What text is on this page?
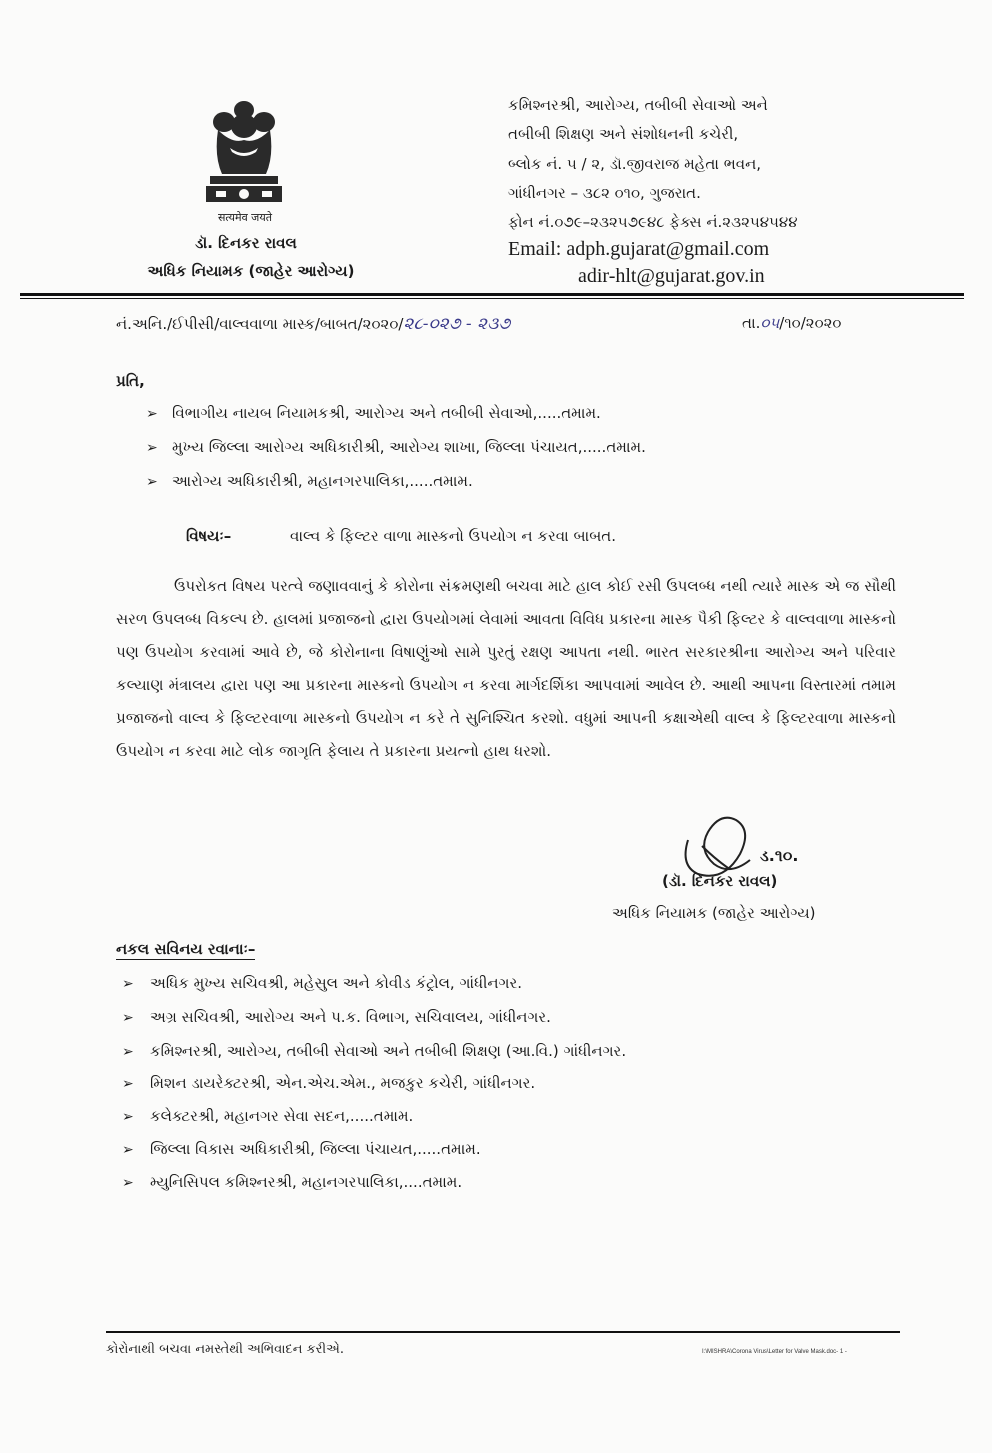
सत्यमेव जयते
ડૉ. દિનકર રાવલ
અધિક નિયામક (જાહેર આરોગ્ય)
કમિશ્નરશ્રી, આરોગ્ય, તબીબી સેવાઓ અને
તબીબી શિક્ષણ અને સંશોધનની કચેરી,
બ્લોક નં. ૫ / ૨, ડૉ.જીવરાજ મહેતા ભવન,
ગાંધીનગર – ૩૮૨ ૦૧૦, ગુજરાત.
ફોન નં.૦૭૯–૨૩૨૫૭૯૪૮ ફેક્સ નં.૨૩૨૫૪૫૪૪
Email: adph.gujarat@gmail.com
adir-hlt@gujarat.gov.in
નં.અનિ./ઈપીસી/વાલ્વવાળા માસ્ક/બાબત/૨૦૨૦/૨૮-૦૨૭ - ૨૩૭	તા.૦૫/૧૦/૨૦૨૦
પ્રતિ,
➢ વિભાગીય નાયબ નિયામકશ્રી, આરોગ્ય અને તબીબી સેવાઓ,.....તમામ.
➢ મુખ્ય જિલ્લા આરોગ્ય અધિકારીશ્રી, આરોગ્ય શાખા, જિલ્લા પંચાયત,.....તમામ.
➢ આરોગ્ય અધિકારીશ્રી, મહાનગરપાલિકા,.....તમામ.
વિષયઃ–	વાલ્વ કે ફિલ્ટર વાળા માસ્કનો ઉપયોગ ન કરવા બાબત.
ઉપરોકત વિષય પરત્વે જણાવવાનું કે કોરોના સંક્રમણથી બચવા માટે હાલ કોઈ રસી ઉપલબ્ધ નથી ત્યારે માસ્ક એ જ સૌથી સરળ ઉપલબ્ધ વિકલ્પ છે. હાલમાં પ્રજાજનો દ્વારા ઉપયોગમાં લેવામાં આવતા વિવિધ પ્રકારના માસ્ક પૈકી ફિલ્ટર કે વાલ્વવાળા માસ્કનો પણ ઉપયોગ કરવામાં આવે છે, જે કોરોનાના વિષાણુંઓ સામે પુરતું રક્ષણ આપતા નથી. ભારત સરકારશ્રીના આરોગ્ય અને પરિવાર કલ્યાણ મંત્રાલય દ્વારા પણ આ પ્રકારના માસ્કનો ઉપયોગ ન કરવા માર્ગદર્શિકા આપવામાં આવેલ છે. આથી આપના વિસ્તારમાં તમામ પ્રજાજનો વાલ્વ કે ફિલ્ટરવાળા માસ્કનો ઉપયોગ ન કરે તે સુનિશ્ચિત કરશો. વધુમાં આપની કક્ષાએથી વાલ્વ કે ફિલ્ટરવાળા માસ્કનો ઉપયોગ ન કરવા માટે લોક જાગૃતિ ફેલાય તે પ્રકારના પ્રયત્નો હાથ ધરશો.
ડ.૧૦.
(ડૉ. દિનકર રાવલ)
અધિક નિયામક (જાહેર આરોગ્ય)
નકલ સવિનય રવાનાઃ–
➢ અધિક મુખ્ય સચિવશ્રી, મહેસુલ અને કોવીડ કંટ્રોલ, ગાંધીનગર.
➢ અગ્ર સચિવશ્રી, આરોગ્ય અને પ.ક. વિભાગ, સચિવાલય, ગાંધીનગર.
➢ કમિશ્નરશ્રી, આરોગ્ય, તબીબી સેવાઓ અને તબીબી શિક્ષણ (આ.વિ.) ગાંધીનગર.
➢ મિશન ડાયરેક્ટરશ્રી, એન.એચ.એમ., મજકુર કચેરી, ગાંધીનગર.
➢ કલેક્ટરશ્રી, મહાનગર સેવા સદન,.....તમામ.
➢ જિલ્લા વિકાસ અધિકારીશ્રી, જિલ્લા પંચાયત,.....તમામ.
➢ મ્યુનિસિપલ કમિશ્નરશ્રી, મહાનગરપાલિકા,....તમામ.
કોરોનાથી બચવા નમસ્તેથી અભિવાદન કરીએ.	I:\MISHRA\Corona Virus\Letter for Valve Mask.doc- 1 -
